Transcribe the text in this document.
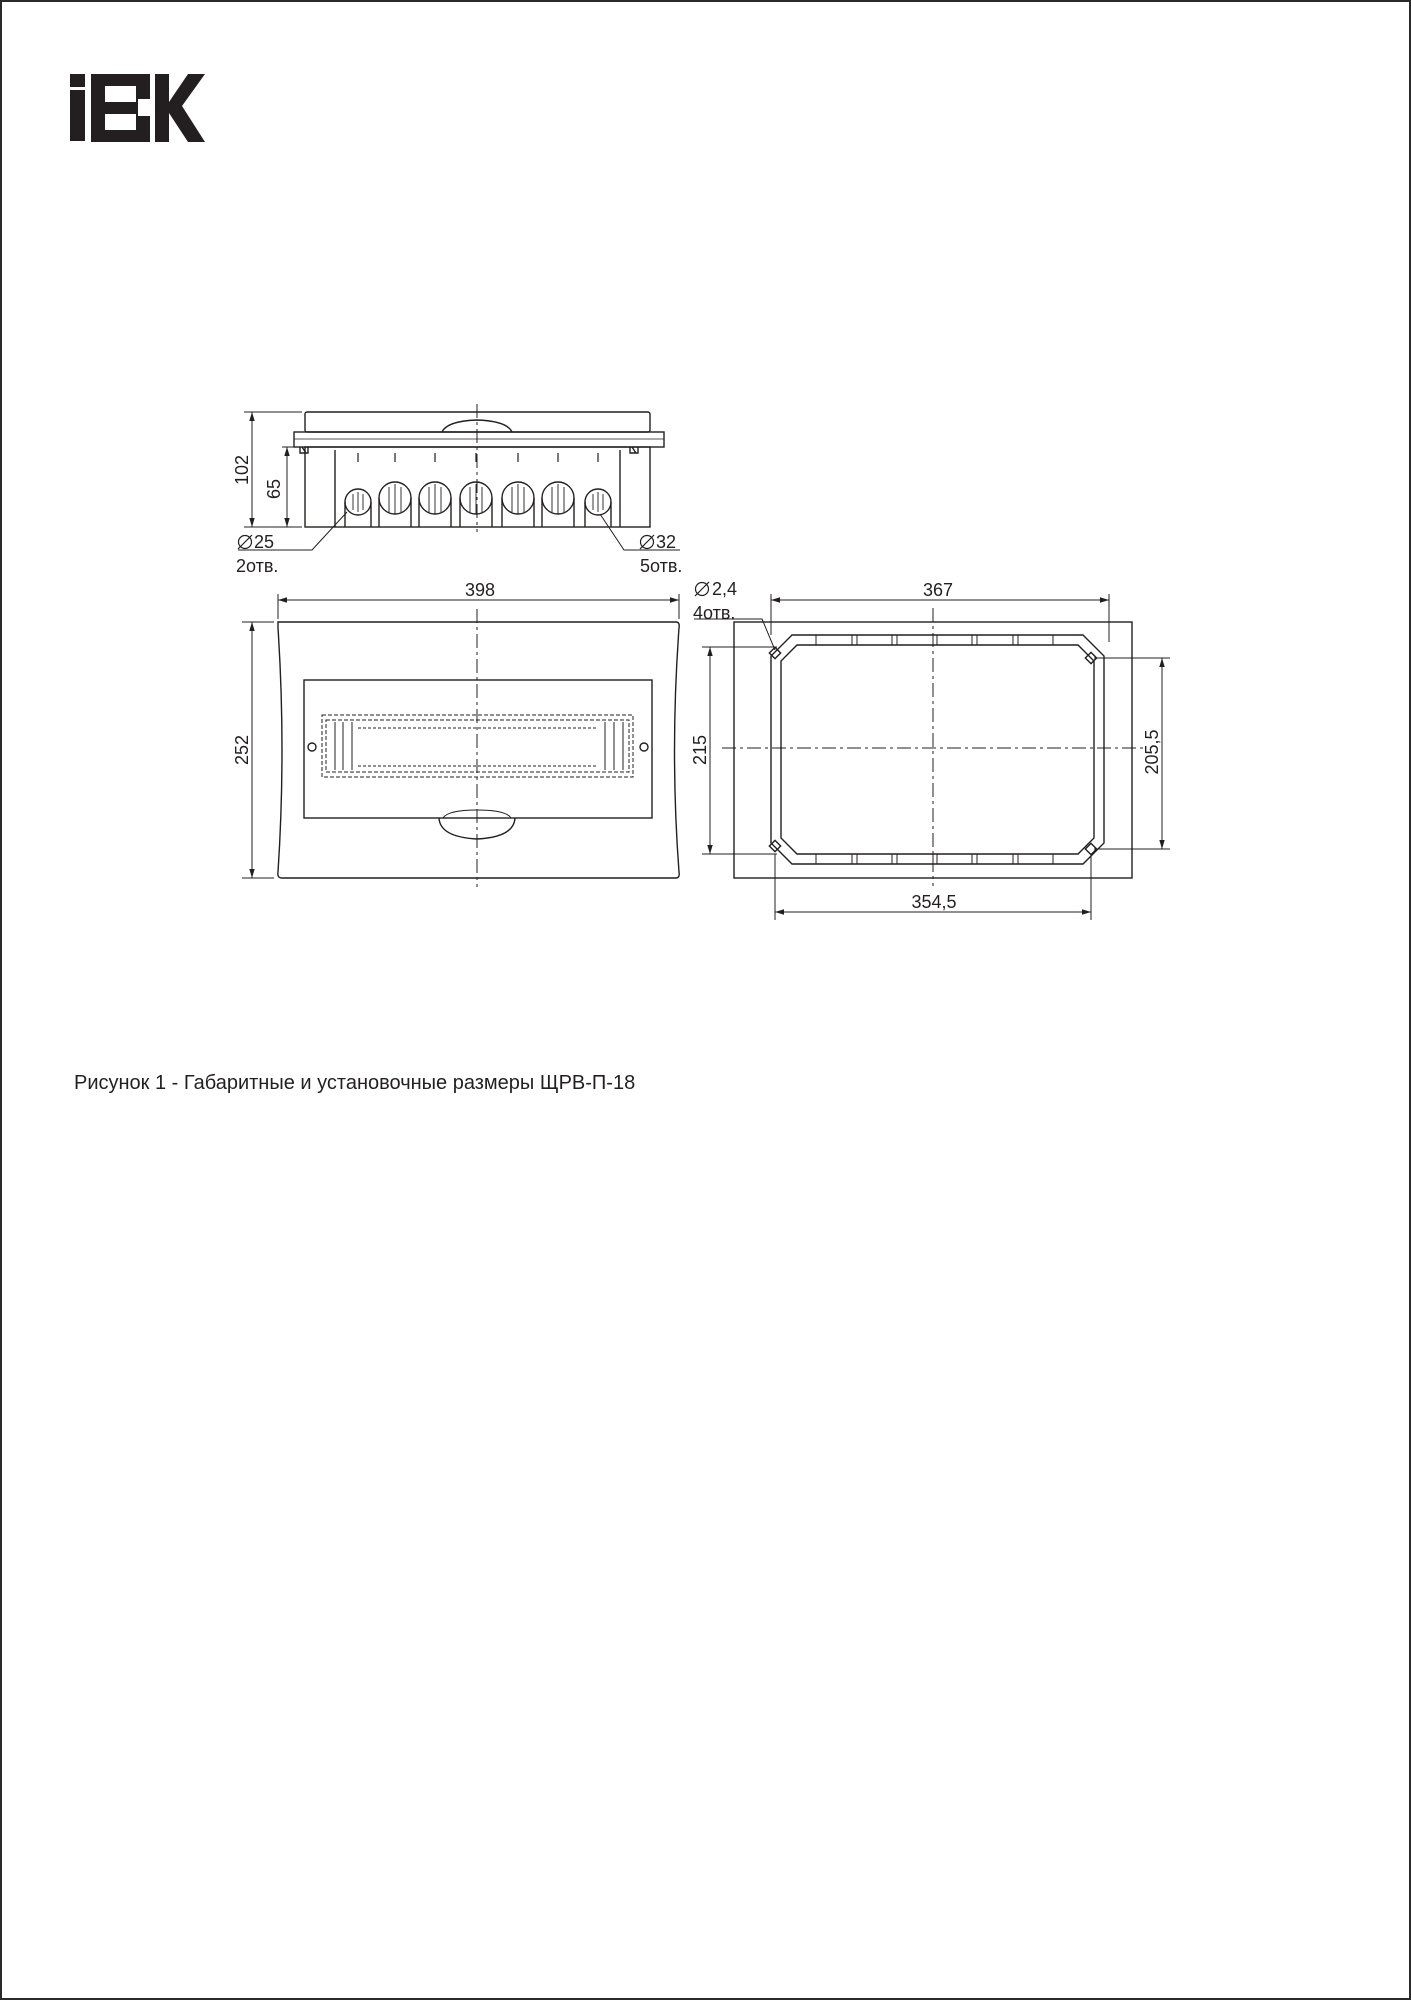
102
65
25
2отв.
32
5отв.
398
252
2,4
4отв.
367
215	205,5
354,5
Рисунок 1 - Габаритные и установочные размеры ЩРВ-П-18
